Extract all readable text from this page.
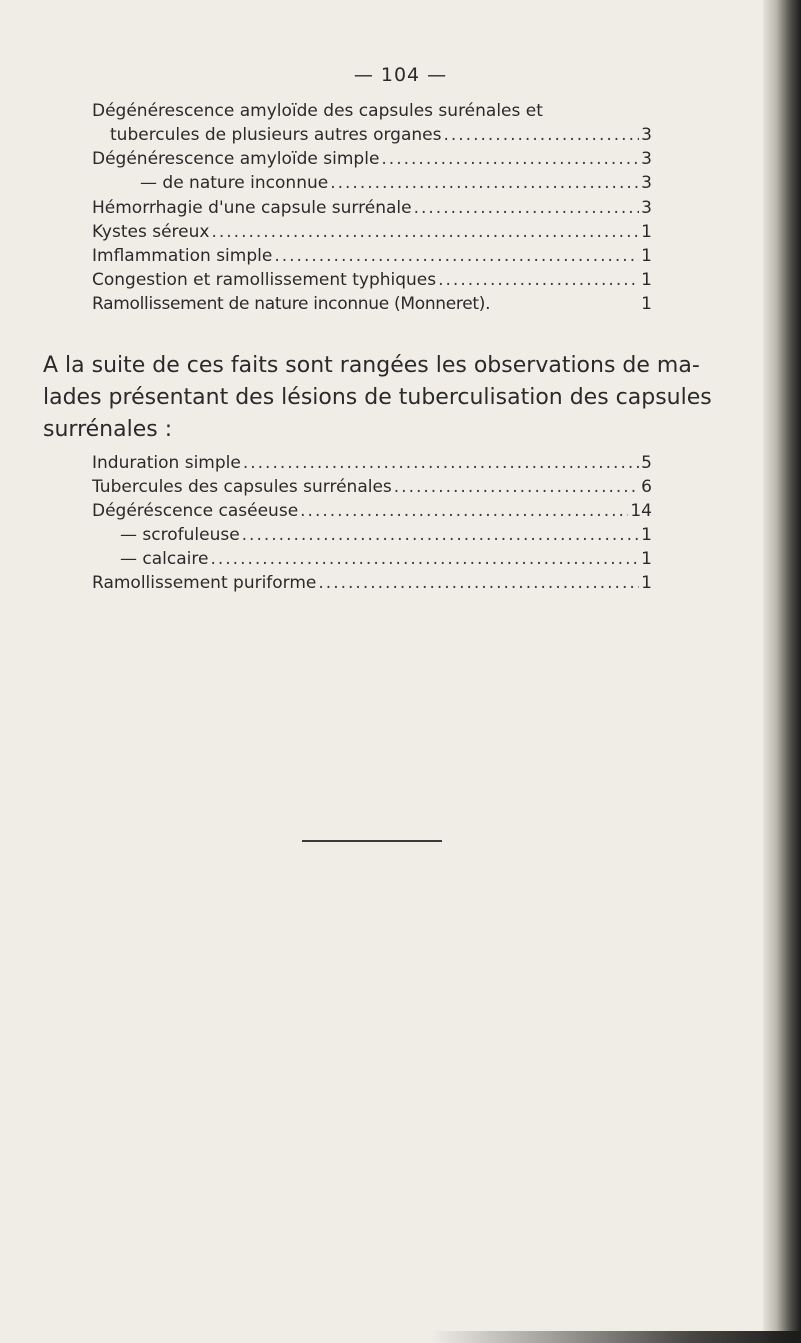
— 104 —
Dégénérescence amyloïde des capsules surénales et
tubercules de plusieurs autres organes .....	3
Dégénérescence amyloïde simple .....	3
— de nature inconnue .....	3
Hémorrhagie d'une capsule surrénale .....	3
Kystes séreux .....	1
Imflammation simple .....	1
Congestion et ramollissement typhiques .....	1
Ramollissement de nature inconnue (Monneret).	1
A la suite de ces faits sont rangées les observations de ma-
lades présentant des lésions de tuberculisation des capsules
surrénales :
Induration simple .....	5
Tubercules des capsules surrénales .....	6
Dégéréscence caséeuse .....	14
— scrofuleuse .....	1
— calcaire .....	1
Ramollissement puriforme .....	1
